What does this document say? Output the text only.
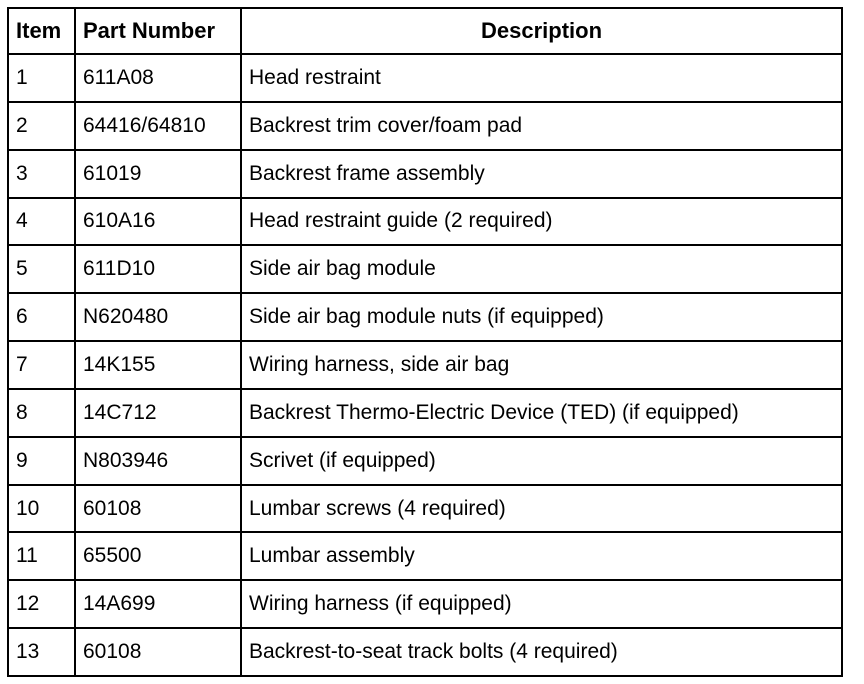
Item	Part Number	Description
1	611A08	Head restraint
2	64416/64810	Backrest trim cover/foam pad
3	61019	Backrest frame assembly
4	610A16	Head restraint guide (2 required)
5	611D10	Side air bag module
6	N620480	Side air bag module nuts (if equipped)
7	14K155	Wiring harness, side air bag
8	14C712	Backrest Thermo-Electric Device (TED) (if equipped)
9	N803946	Scrivet (if equipped)
10	60108	Lumbar screws (4 required)
11	65500	Lumbar assembly
12	14A699	Wiring harness (if equipped)
13	60108	Backrest-to-seat track bolts (4 required)
